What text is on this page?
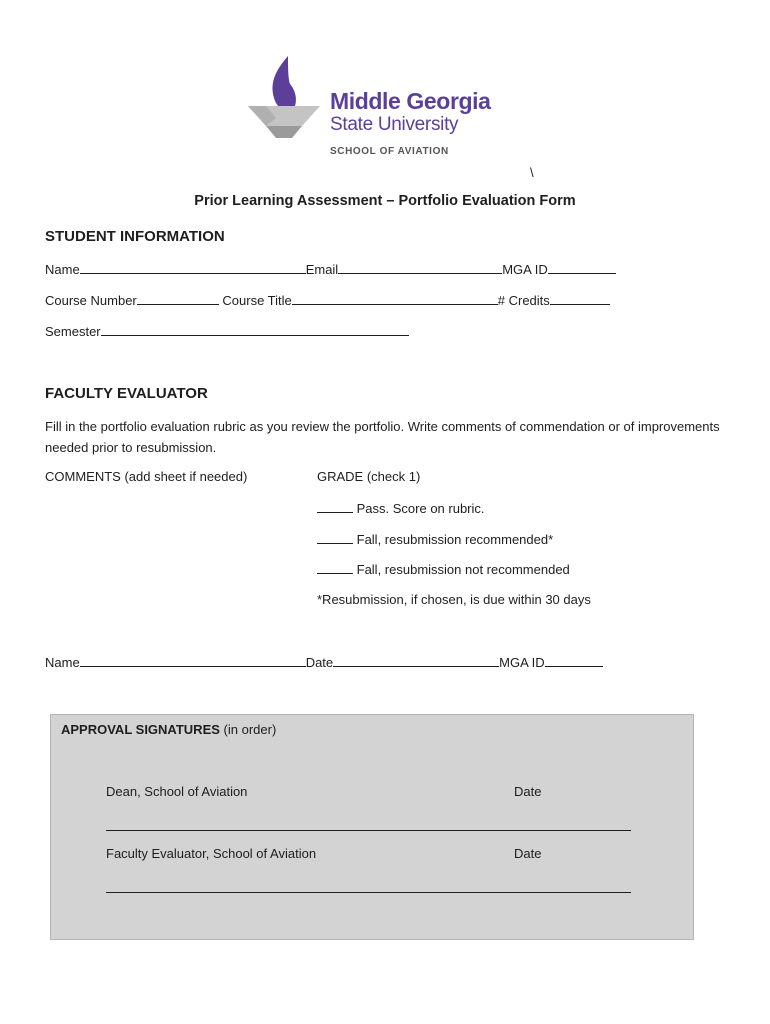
Middle Georgia
State University
SCHOOL OF AVIATION
\
Prior Learning Assessment – Portfolio Evaluation Form
STUDENT INFORMATION
Name	Email	MGA ID
Course Number	Course Title	# Credits
Semester
FACULTY EVALUATOR
Fill in the portfolio evaluation rubric as you review the portfolio. Write comments of commendation or of improvements needed prior to resubmission.
COMMENTS (add sheet if needed)	GRADE (check 1)
Pass. Score on rubric.
Fall, resubmission recommended*
Fall, resubmission not recommended
*Resubmission, if chosen, is due within 30 days
Name	Date	MGA ID
APPROVAL SIGNATURES (in order)
Dean, School of Aviation	Date
Faculty Evaluator, School of Aviation	Date
